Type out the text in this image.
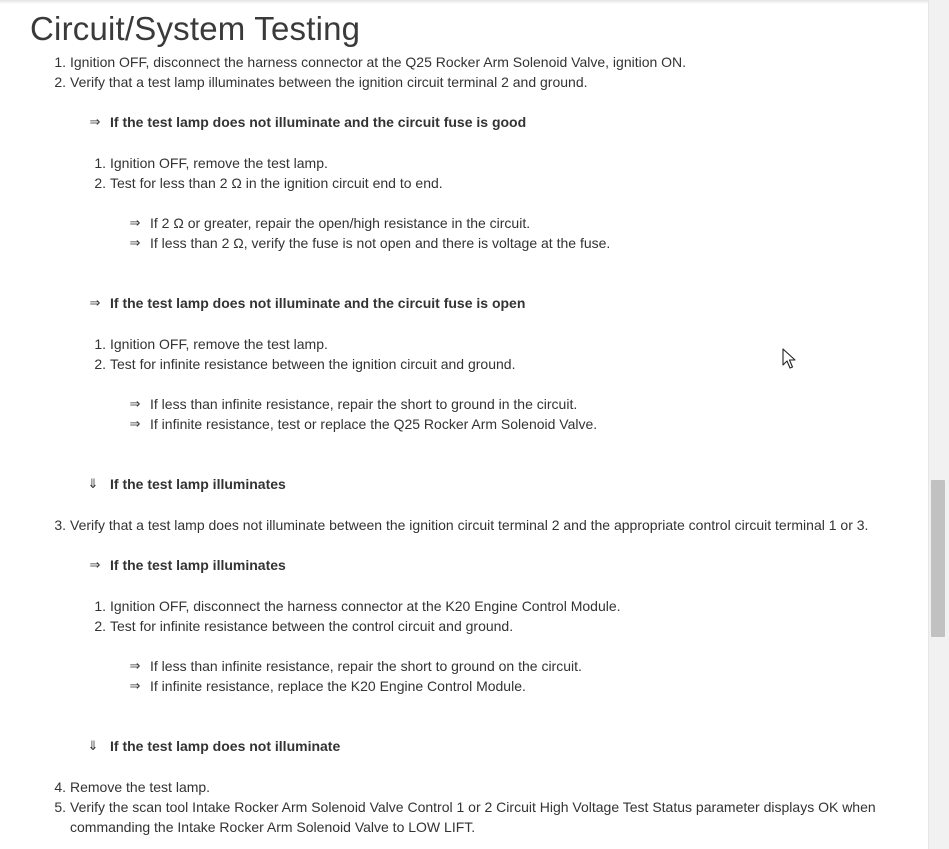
Circuit/System Testing
1. Ignition OFF, disconnect the harness connector at the Q25 Rocker Arm Solenoid Valve, ignition ON.
2. Verify that a test lamp illuminates between the ignition circuit terminal 2 and ground.
⇒ If the test lamp does not illuminate and the circuit fuse is good
1. Ignition OFF, remove the test lamp.
2. Test for less than 2 Ω in the ignition circuit end to end.
⇒ If 2 Ω or greater, repair the open/high resistance in the circuit.
⇒ If less than 2 Ω, verify the fuse is not open and there is voltage at the fuse.
⇒ If the test lamp does not illuminate and the circuit fuse is open
1. Ignition OFF, remove the test lamp.
2. Test for infinite resistance between the ignition circuit and ground.
⇒ If less than infinite resistance, repair the short to ground in the circuit.
⇒ If infinite resistance, test or replace the Q25 Rocker Arm Solenoid Valve.
⇓ If the test lamp illuminates
3. Verify that a test lamp does not illuminate between the ignition circuit terminal 2 and the appropriate control circuit terminal 1 or 3.
⇒ If the test lamp illuminates
1. Ignition OFF, disconnect the harness connector at the K20 Engine Control Module.
2. Test for infinite resistance between the control circuit and ground.
⇒ If less than infinite resistance, repair the short to ground on the circuit.
⇒ If infinite resistance, replace the K20 Engine Control Module.
⇓ If the test lamp does not illuminate
4. Remove the test lamp.
5. Verify the scan tool Intake Rocker Arm Solenoid Valve Control 1 or 2 Circuit High Voltage Test Status parameter displays OK when
commanding the Intake Rocker Arm Solenoid Valve to LOW LIFT.
